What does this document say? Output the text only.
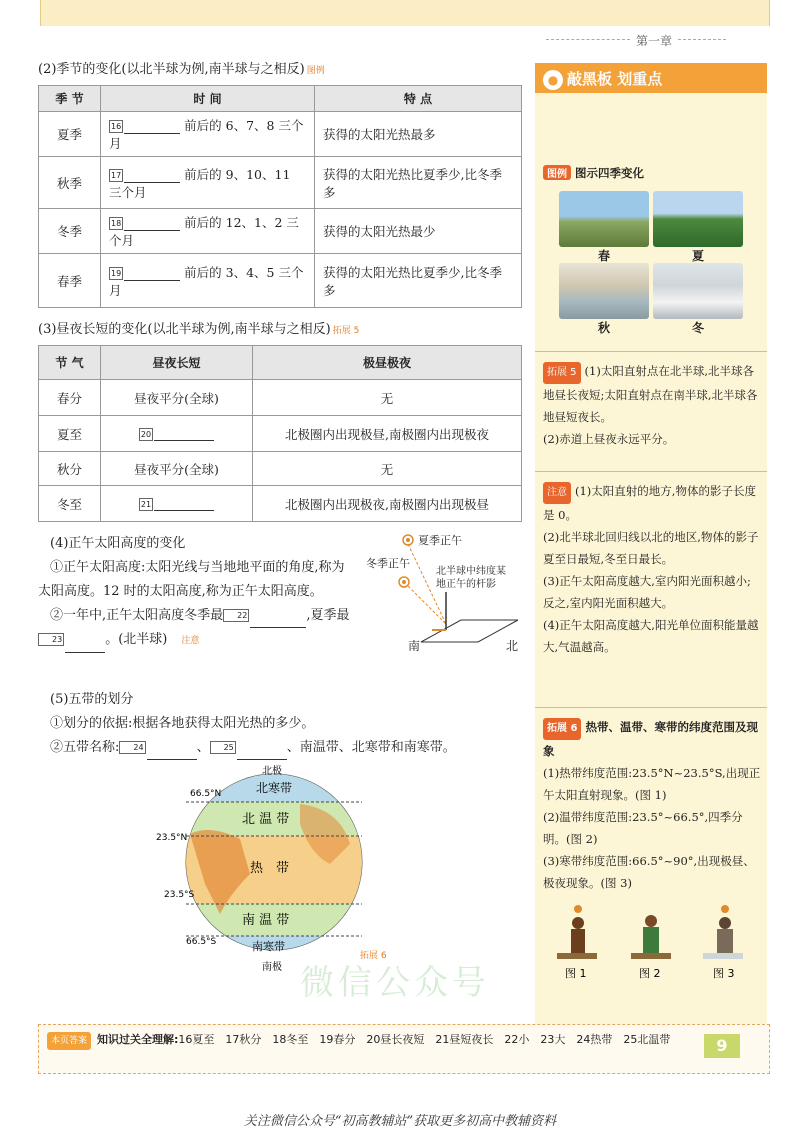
第一章
(2)季节的变化(以北半球为例,南半球与之相反) 图例
季 节	时 间	特 点
夏季	16 前后的 6、7、8 三个月	获得的太阳光热最多
秋季	17 前后的 9、10、11 三个月	获得的太阳光热比夏季少,比冬季多
冬季	18 前后的 12、1、2 三个月	获得的太阳光热最少
春季	19 前后的 3、4、5 三个月	获得的太阳光热比夏季少,比冬季多
(3)昼夜长短的变化(以北半球为例,南半球与之相反) 拓展 5
节 气	昼夜长短	极昼极夜
春分	昼夜平分(全球)	无
夏至	20	北极圈内出现极昼,南极圈内出现极夜
秋分	昼夜平分(全球)	无
冬至	21	北极圈内出现极夜,南极圈内出现极昼
(4)正午太阳高度的变化
①正午太阳高度:太阳光线与当地地平面的角度,称为太阳高度。12 时的太阳高度,称为正午太阳高度。
②一年中,正午太阳高度冬季最 22	,夏季最23	。(北半球) 注意
夏季正午
冬季正午
北半球中纬度某
地正午的杆影
南	北
(5)五带的划分
①划分的依据:根据各地获得太阳光热的多少。
②五带名称: 24	、 25	、南温带、北寒带和南寒带。
北极
南极
66.5°N
23.5°N
23.5°S
66.5°S
北寒带
北 温 带
热　带
南 温 带
南寒带
拓展 6
微信公众号
● 敲黑板 划重点
图例 图示四季变化
春	夏
秋	冬
拓展 5 (1)太阳直射点在北半球,北半球各地昼长夜短;太阳直射点在南半球,北半球各地昼短夜长。
(2)赤道上昼夜永远平分。
注意 (1)太阳直射的地方,物体的影子长度是 0。
(2)北半球北回归线以北的地区,物体的影子夏至日最短,冬至日最长。
(3)正午太阳高度越大,室内阳光面积越小;反之,室内阳光面积越大。
(4)正午太阳高度越大,阳光单位面积能量越大,气温越高。
拓展 6 热带、温带、寒带的纬度范围及现象
(1)热带纬度范围:23.5°N~23.5°S,出现正午太阳直射现象。(图 1)
(2)温带纬度范围:23.5°~66.5°,四季分明。(图 2)
(3)寒带纬度范围:66.5°~90°,出现极昼、极夜现象。(图 3)
图 1	图 2	图 3
本页答案 知识过关全理解:16夏至　17秋分　18冬至　19春分　20昼长夜短　21昼短夜长　22小　23大　24热带　25北温带	9
关注微信公众号“初高教辅站”获取更多初高中教辅资料
